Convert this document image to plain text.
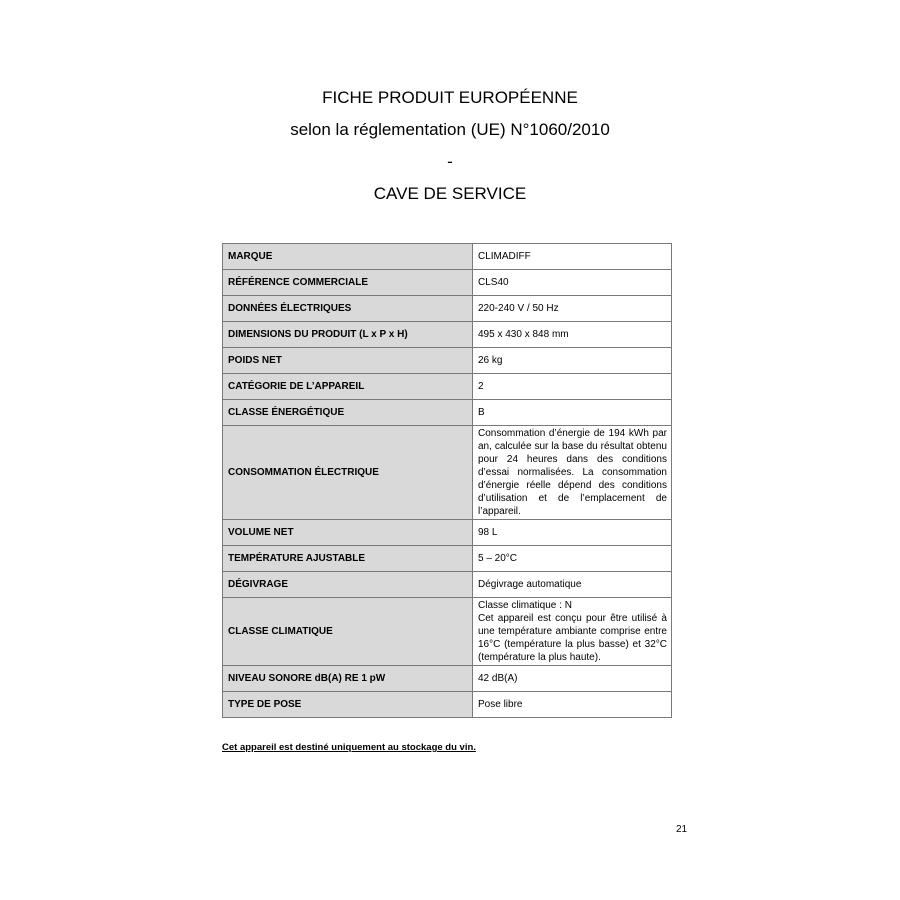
FICHE PRODUIT EUROPÉENNE
selon la réglementation (UE) N°1060/2010
-
CAVE DE SERVICE
MARQUE	CLIMADIFF
RÉFÉRENCE COMMERCIALE	CLS40
DONNÉES ÉLECTRIQUES	220-240 V / 50 Hz
DIMENSIONS DU PRODUIT (L x P x H)	495 x 430 x 848 mm
POIDS NET	26 kg
CATÉGORIE DE L’APPAREIL	2
CLASSE ÉNERGÉTIQUE	B
CONSOMMATION ÉLECTRIQUE	Consommation d’énergie de 194 kWh par an, calculée sur la base du résultat obtenu pour 24 heures dans des conditions d’essai normalisées. La consommation d’énergie réelle dépend des conditions d’utilisation et de l’emplacement de l’appareil.
VOLUME NET	98 L
TEMPÉRATURE AJUSTABLE	5 – 20°C
DÉGIVRAGE	Dégivrage automatique
CLASSE CLIMATIQUE	Classe climatique : N
Cet appareil est conçu pour être utilisé à une température ambiante comprise entre 16°C (température la plus basse) et 32°C (température la plus haute).

NIVEAU SONORE dB(A) RE 1 pW	42 dB(A)
TYPE DE POSE	Pose libre
Cet appareil est destiné uniquement au stockage du vin.
21
